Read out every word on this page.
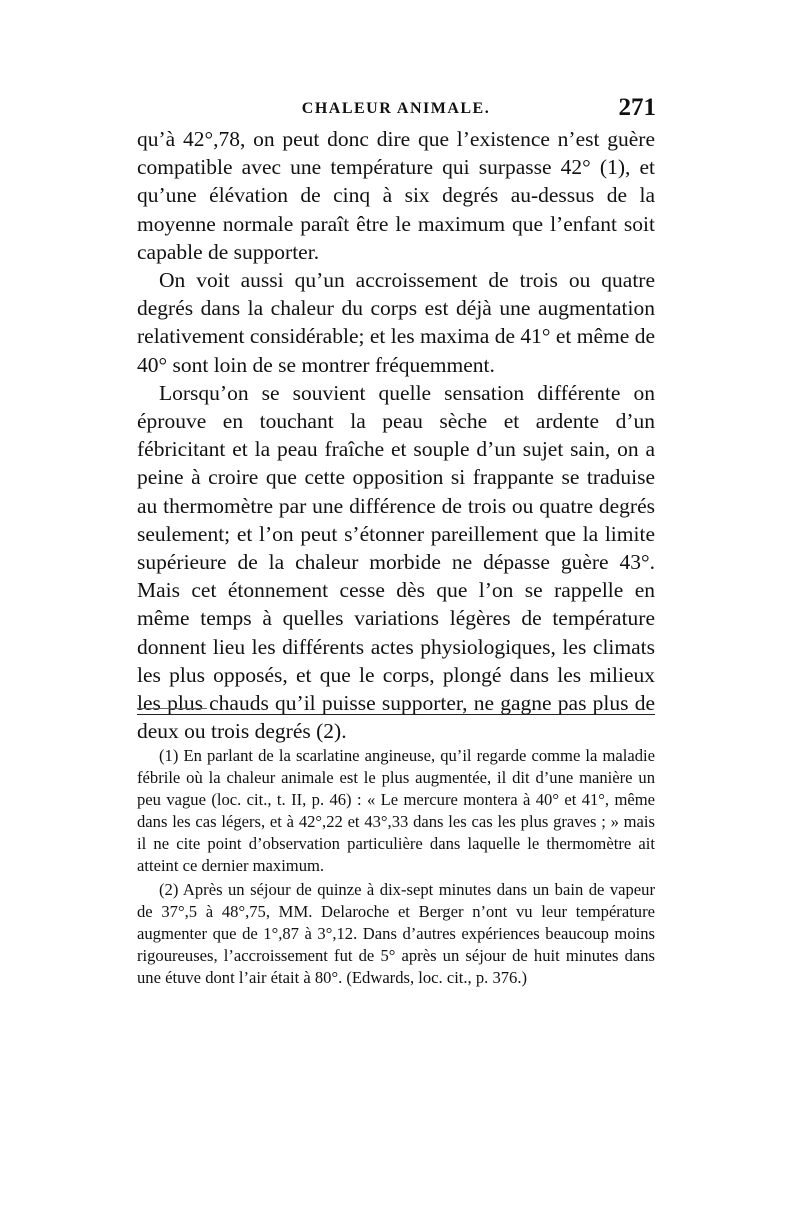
CHALEUR ANIMALE.	271

qu’à 42°,78, on peut donc dire que l’existence n’est guère compatible avec une température qui surpasse 42° (1), et qu’une élévation de cinq à six degrés au-dessus de la moyenne normale paraît être le maximum que l’enfant soit capable de supporter.

On voit aussi qu’un accroissement de trois ou quatre degrés dans la chaleur du corps est déjà une augmentation relativement considérable; et les maxima de 41° et même de 40° sont loin de se montrer fréquemment.

Lorsqu’on se souvient quelle sensation différente on éprouve en touchant la peau sèche et ardente d’un fébricitant et la peau fraîche et souple d’un sujet sain, on a peine à croire que cette opposition si frappante se traduise au thermomètre par une différence de trois ou quatre degrés seulement; et l’on peut s’étonner pareillement que la limite supérieure de la chaleur morbide ne dépasse guère 43°. Mais cet étonnement cesse dès que l’on se rappelle en même temps à quelles variations légères de température donnent lieu les différents actes physiologiques, les climats les plus opposés, et que le corps, plongé dans les milieux les plus chauds qu’il puisse supporter, ne gagne pas plus de deux ou trois degrés (2).

(1) En parlant de la scarlatine angineuse, qu’il regarde comme la maladie fébrile où la chaleur animale est le plus augmentée, il dit d’une manière un peu vague (loc. cit., t. II, p. 46) : « Le mercure montera à 40° et 41°, même dans les cas légers, et à 42°,22 et 43°,33 dans les cas les plus graves ; » mais il ne cite point d’observation particulière dans laquelle le thermomètre ait atteint ce dernier maximum.

(2) Après un séjour de quinze à dix-sept minutes dans un bain de vapeur de 37°,5 à 48°,75, MM. Delaroche et Berger n’ont vu leur température augmenter que de 1°,87 à 3°,12. Dans d’autres expériences beaucoup moins rigoureuses, l’accroissement fut de 5° après un séjour de huit minutes dans une étuve dont l’air était à 80°. (Edwards, loc. cit., p. 376.)
